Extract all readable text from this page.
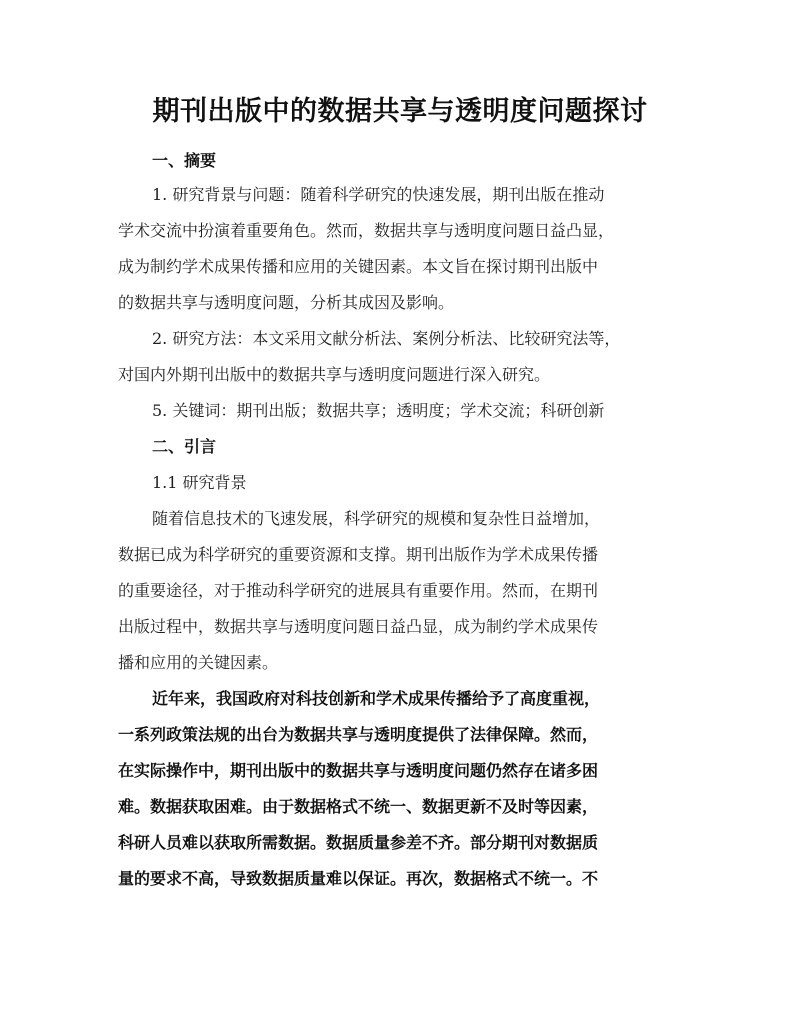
期刊出版中的数据共享与透明度问题探讨
一、摘要
1. 研究背景与问题：随着科学研究的快速发展，期刊出版在推动
学术交流中扮演着重要角色。然而，数据共享与透明度问题日益凸显，
成为制约学术成果传播和应用的关键因素。本文旨在探讨期刊出版中
的数据共享与透明度问题，分析其成因及影响。
2. 研究方法：本文采用文献分析法、案例分析法、比较研究法等，
对国内外期刊出版中的数据共享与透明度问题进行深入研究。
5. 关键词：期刊出版；数据共享；透明度；学术交流；科研创新
二、引言
1.1 研究背景
随着信息技术的飞速发展，科学研究的规模和复杂性日益增加，
数据已成为科学研究的重要资源和支撑。期刊出版作为学术成果传播
的重要途径，对于推动科学研究的进展具有重要作用。然而，在期刊
出版过程中，数据共享与透明度问题日益凸显，成为制约学术成果传
播和应用的关键因素。
近年来，我国政府对科技创新和学术成果传播给予了高度重视，
一系列政策法规的出台为数据共享与透明度提供了法律保障。然而，
在实际操作中，期刊出版中的数据共享与透明度问题仍然存在诸多困
难。数据获取困难。由于数据格式不统一、数据更新不及时等因素，
科研人员难以获取所需数据。数据质量参差不齐。部分期刊对数据质
量的要求不高，导致数据质量难以保证。再次，数据格式不统一。不
